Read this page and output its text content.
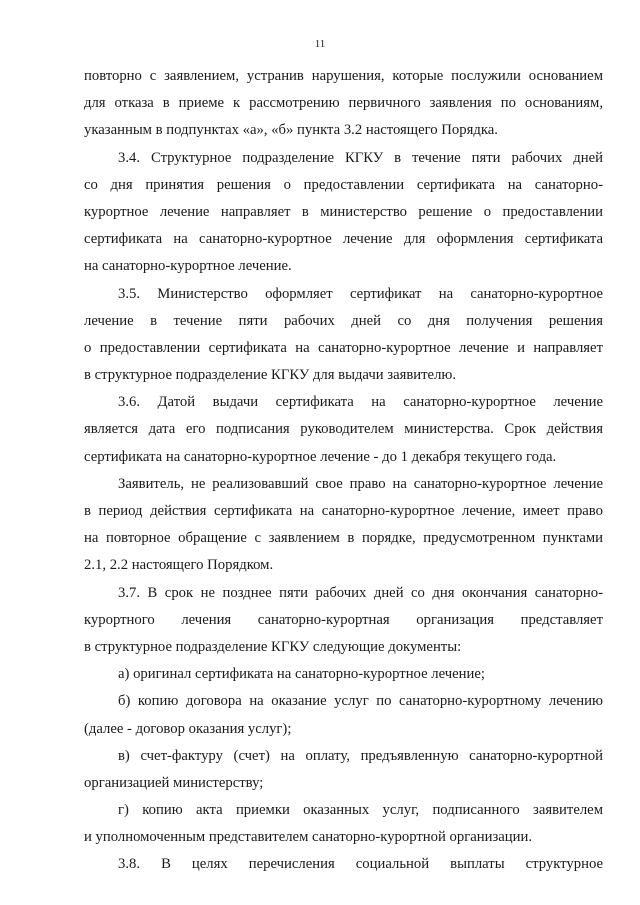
11
повторно с заявлением, устранив нарушения, которые послужили основанием
для отказа в приеме к рассмотрению первичного заявления по основаниям,
указанным в подпунктах «а», «б» пункта 3.2 настоящего Порядка.
3.4. Структурное подразделение КГКУ в течение пяти рабочих дней
со дня принятия решения о предоставлении сертификата на санаторно-
курортное лечение направляет в министерство решение о предоставлении
сертификата на санаторно-курортное лечение для оформления сертификата
на санаторно-курортное лечение.
3.5. Министерство оформляет сертификат на санаторно-курортное
лечение в течение пяти рабочих дней со дня получения решения
о предоставлении сертификата на санаторно-курортное лечение и направляет
в структурное подразделение КГКУ для выдачи заявителю.
3.6. Датой выдачи сертификата на санаторно-курортное лечение
является дата его подписания руководителем министерства. Срок действия
сертификата на санаторно-курортное лечение - до 1 декабря текущего года.
Заявитель, не реализовавший свое право на санаторно-курортное лечение
в период действия сертификата на санаторно-курортное лечение, имеет право
на повторное обращение с заявлением в порядке, предусмотренном пунктами
2.1, 2.2 настоящего Порядком.
3.7. В срок не позднее пяти рабочих дней со дня окончания санаторно-
курортного лечения санаторно-курортная организация представляет
в структурное подразделение КГКУ следующие документы:
а) оригинал сертификата на санаторно-курортное лечение;
б) копию договора на оказание услуг по санаторно-курортному лечению
(далее - договор оказания услуг);
в) счет-фактуру (счет) на оплату, предъявленную санаторно-курортной
организацией министерству;
г) копию акта приемки оказанных услуг, подписанного заявителем
и уполномоченным представителем санаторно-курортной организации.
3.8. В целях перечисления социальной выплаты структурное
